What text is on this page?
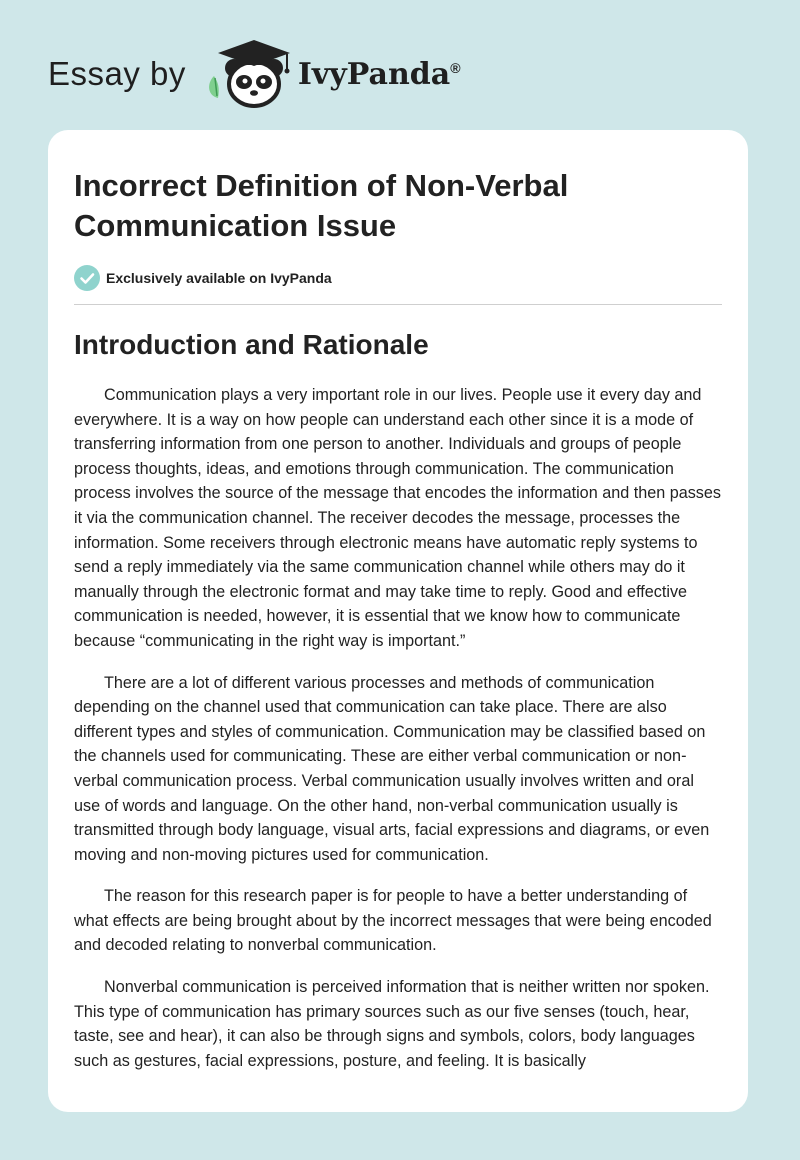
Essay by	IvyPanda®
Incorrect Definition of Non-Verbal Communication Issue
Exclusively available on IvyPanda
Introduction and Rationale

Communication plays a very important role in our lives. People use it every day and everywhere. It is a way on how people can understand each other since it is a mode of transferring information from one person to another. Individuals and groups of people process thoughts, ideas, and emotions through communication. The communication process involves the source of the message that encodes the information and then passes it via the communication channel. The receiver decodes the message, processes the information. Some receivers through electronic means have automatic reply systems to send a reply immediately via the same communication channel while others may do it manually through the electronic format and may take time to reply. Good and effective communication is needed, however, it is essential that we know how to communicate because “communicating in the right way is important.”

There are a lot of different various processes and methods of communication depending on the channel used that communication can take place. There are also different types and styles of communication. Communication may be classified based on the channels used for communicating. These are either verbal communication or non-verbal communication process. Verbal communication usually involves written and oral use of words and language. On the other hand, non-verbal communication usually is transmitted through body language, visual arts, facial expressions and diagrams, or even moving and non-moving pictures used for communication.

The reason for this research paper is for people to have a better understanding of what effects are being brought about by the incorrect messages that were being encoded and decoded relating to nonverbal communication.

Nonverbal communication is perceived information that is neither written nor spoken. This type of communication has primary sources such as our five senses (touch, hear, taste, see and hear), it can also be through signs and symbols, colors, body languages such as gestures, facial expressions, posture, and feeling. It is basically
